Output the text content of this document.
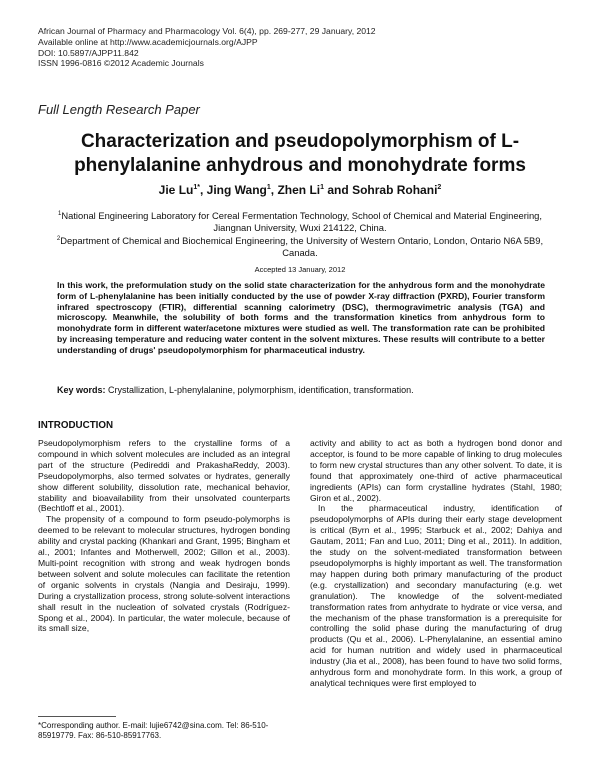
African Journal of Pharmacy and Pharmacology Vol. 6(4), pp. 269-277, 29 January, 2012
Available online at http://www.academicjournals.org/AJPP
DOI: 10.5897/AJPP11.842
ISSN 1996-0816 ©2012 Academic Journals
Full Length Research Paper
Characterization and pseudopolymorphism of L-
phenylalanine anhydrous and monohydrate forms
Jie $Lu^{1*}$, Jing Wang$^1$, Zhen Li$^1$ and Sohrab Rohani$^2$
$^1$National Engineering Laboratory for Cereal Fermentation Technology, School of Chemical and Material Engineering, Jiangnan University, Wuxi 214122, China.
$^2$Department of Chemical and Biochemical Engineering, the University of Western Ontario, London, Ontario N6A 5B9, Canada.
Accepted 13 January, 2012
In this work, the preformulation study on the solid state characterization for the anhydrous form and the monohydrate form of L-phenylalanine has been initially conducted by the use of powder X-ray diffraction (PXRD), Fourier transform infrared spectroscopy (FTIR), differential scanning calorimetry (DSC), thermogravimetric analysis (TGA) and microscopy. Meanwhile, the solubility of both forms and the transformation kinetics from anhydrous form to monohydrate form in different water/acetone mixtures were studied as well. The transformation rate can be prohibited by increasing temperature and reducing water content in the solvent mixtures. These results will contribute to a better understanding of drugs' pseudopolymorphism for pharmaceutical industry.
Key words: Crystallization, L-phenylalanine, polymorphism, identification, transformation.
INTRODUCTION

Pseudopolymorphism refers to the crystalline forms of a compound in which solvent molecules are included as an integral part of the structure (Pedireddi and PrakashaReddy, 2003). Pseudopolymorphs, also termed solvates or hydrates, generally show different solubility, dissolution rate, mechanical behavior, stability and bioavailability from their unsolvated counterparts (Bechtloff et al., 2001).

The propensity of a compound to form pseudo-polymorphs is deemed to be relevant to molecular structures, hydrogen bonding ability and crystal packing (Khankari and Grant, 1995; Bingham et al., 2001; Infantes and Motherwell, 2002; Gillon et al., 2003). Multi-point recognition with strong and weak hydrogen bonds between solvent and solute molecules can facilitate the retention of organic solvents in crystals (Nangia and Desiraju, 1999). During a crystallization process, strong solute-solvent interactions shall result in the nucleation of solvated crystals (Rodríguez-Spong et al., 2004). In particular, the water molecule, because of its small size,

activity and ability to act as both a hydrogen bond donor and acceptor, is found to be more capable of linking to drug molecules to form new crystal structures than any other solvent. To date, it is found that approximately one-third of active pharmaceutical ingredients (APIs) can form crystalline hydrates (Stahl, 1980; Giron et al., 2002).

In the pharmaceutical industry, identification of pseudopolymorphs of APIs during their early stage development is critical (Byrn et al., 1995; Starbuck et al., 2002; Dahiya and Gautam, 2011; Fan and Luo, 2011; Ding et al., 2011). In addition, the study on the solvent-mediated transformation between pseudopolymorphs is highly important as well. The transformation may happen during both primary manufacturing of the product (e.g. crystallization) and secondary manufacturing (e.g. wet granulation). The knowledge of the solvent-mediated transformation rates from anhydrate to hydrate or vice versa, and the mechanism of the phase transformation is a prerequisite for controlling the solid phase during the manufacturing of drug products (Qu et al., 2006). L-Phenylalanine, an essential amino acid for human nutrition and widely used in pharmaceutical industry (Jia et al., 2008), has been found to have two solid forms, anhydrous form and monohydrate form. In this work, a group of analytical techniques were first employed to

*Corresponding author. E-mail: lujie6742@sina.com. Tel: 86-510-85919779. Fax: 86-510-85917763.
